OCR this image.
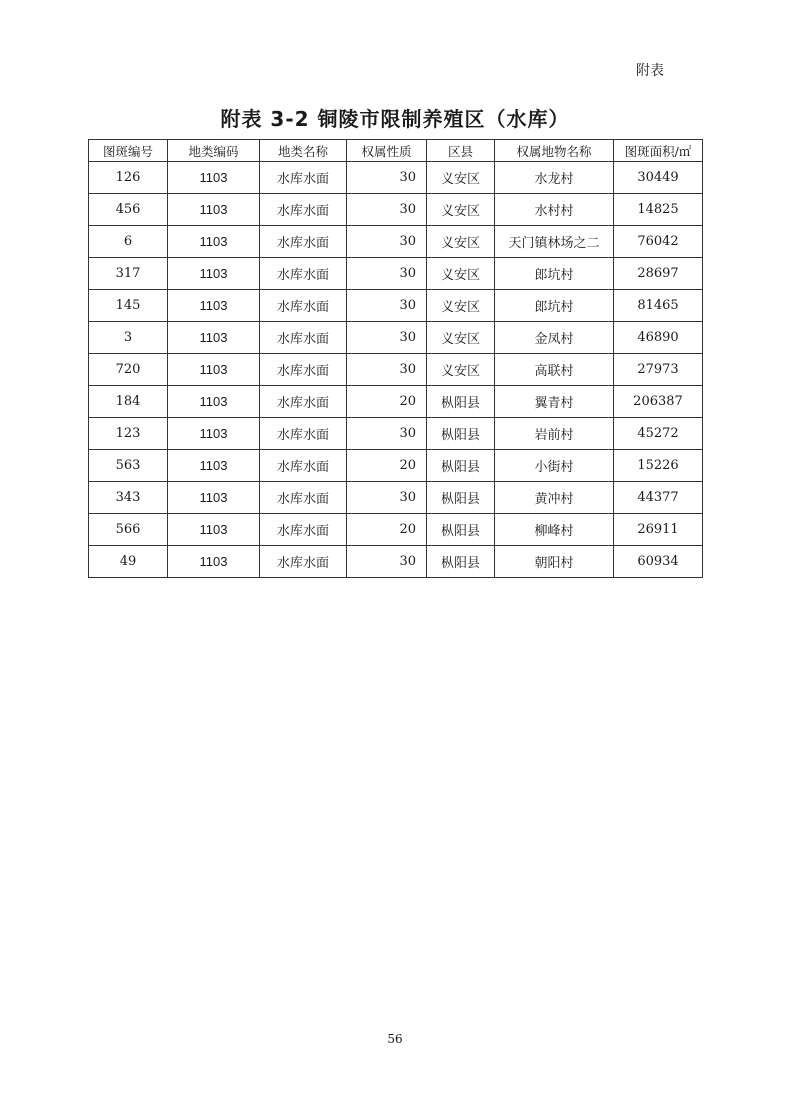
附表
附表 3-2 铜陵市限制养殖区（水库）
图斑编号	地类编码	地类名称	权属性质	区县	权属地物名称	图斑面积/㎡
126	1103	水库水面	30	义安区	水龙村	30449
456	1103	水库水面	30	义安区	水村村	14825
6	1103	水库水面	30	义安区	天门镇林场之二	76042
317	1103	水库水面	30	义安区	郎坑村	28697
145	1103	水库水面	30	义安区	郎坑村	81465
3	1103	水库水面	30	义安区	金凤村	46890
720	1103	水库水面	30	义安区	高联村	27973
184	1103	水库水面	20	枞阳县	翼青村	206387
123	1103	水库水面	30	枞阳县	岩前村	45272
563	1103	水库水面	20	枞阳县	小街村	15226
343	1103	水库水面	30	枞阳县	黄冲村	44377
566	1103	水库水面	20	枞阳县	柳峰村	26911
49	1103	水库水面	30	枞阳县	朝阳村	60934
56
